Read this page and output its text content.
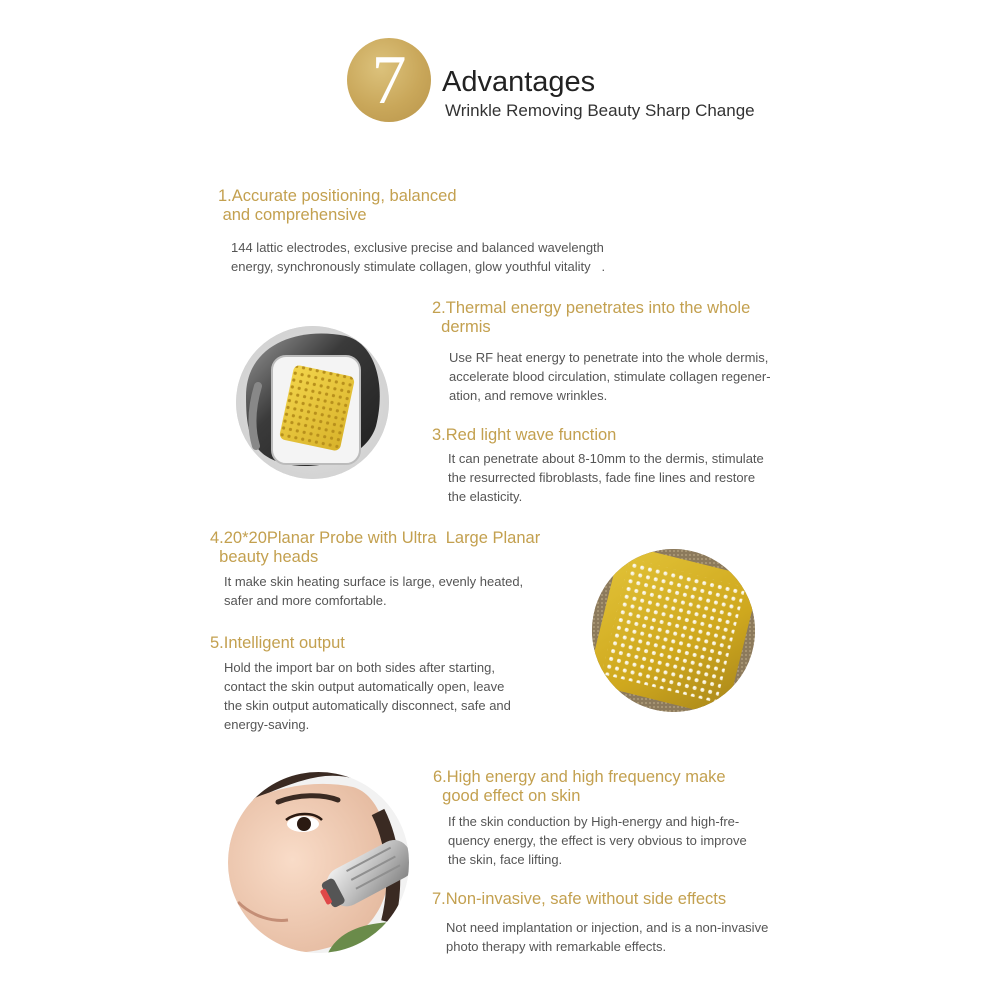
7 Advantages
Wrinkle Removing Beauty Sharp Change
1.Accurate positioning, balanced
and comprehensive
144 lattic electrodes, exclusive precise and balanced wavelength
energy, synchronously stimulate collagen, glow youthful vitality   .
2.Thermal energy penetrates into the whole
dermis
Use RF heat energy to penetrate into the whole dermis,
accelerate blood circulation, stimulate collagen regener-
ation, and remove wrinkles.
3.Red light wave function
It can penetrate about 8-10mm to the dermis, stimulate
the resurrected fibroblasts, fade fine lines and restore
the elasticity.
4.20*20Planar Probe with Ultra  Large Planar
beauty heads
It make skin heating surface is large, evenly heated,
safer and more comfortable.
5.Intelligent output
Hold the import bar on both sides after starting,
contact the skin output automatically open, leave
the skin output automatically disconnect, safe and
energy-saving.
6.High energy and high frequency make
good effect on skin
If the skin conduction by High-energy and high-fre-
quency energy, the effect is very obvious to improve
the skin, face lifting.
7.Non-invasive, safe without side effects
Not need implantation or injection, and is a non-invasive
photo therapy with remarkable effects.
